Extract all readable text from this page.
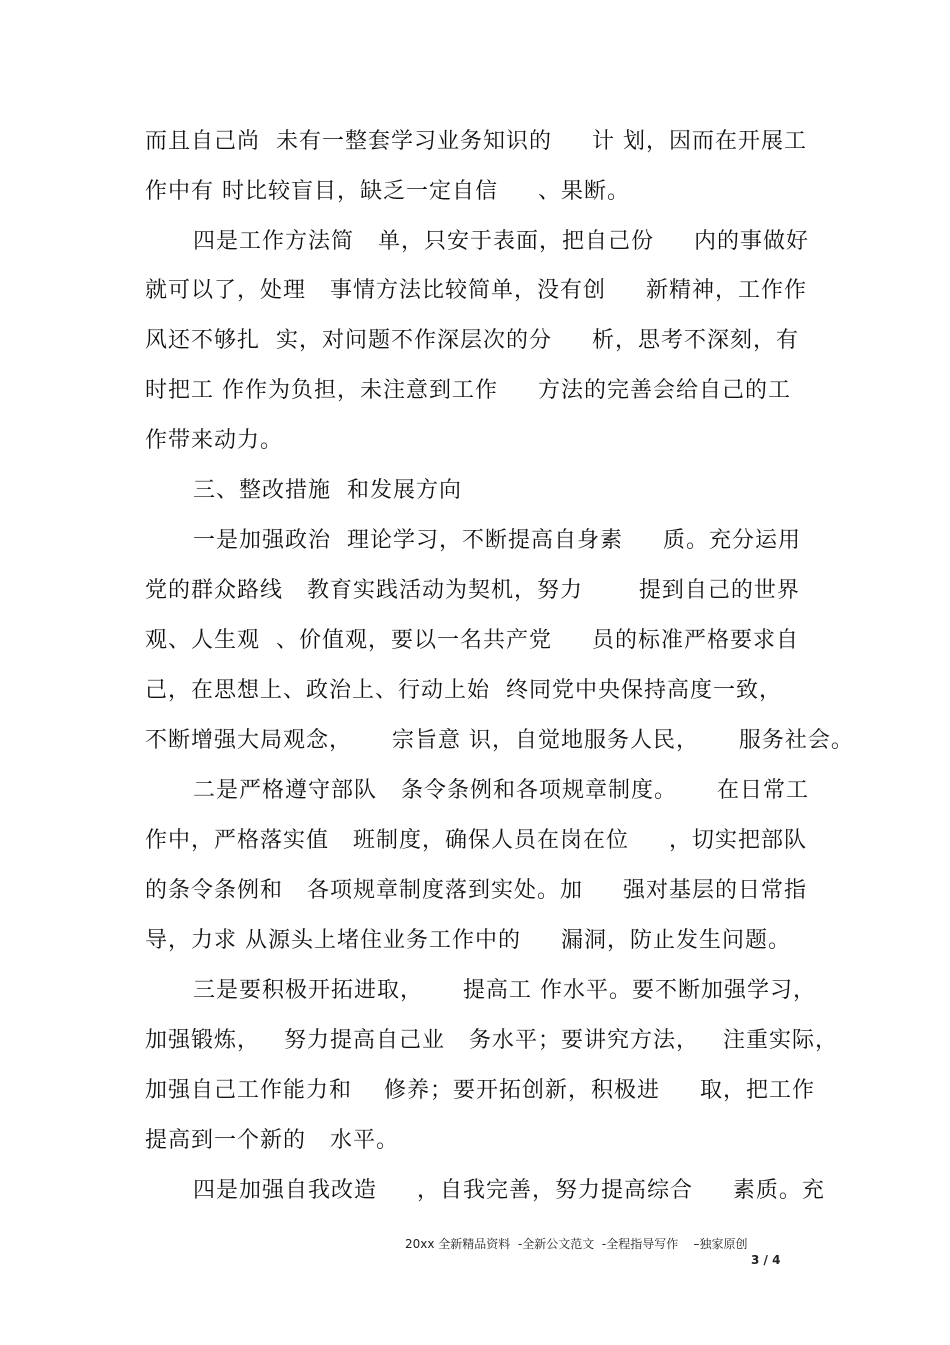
而且自己尚  未有一整套学习业务知识的     计 划，因而在开展工
作中有 时比较盲目，缺乏一定自信     、果断。
四是工作方法简   单，只安于表面，把自己份     内的事做好
就可以了，处理   事情方法比较简单，没有创     新精神，工作作
风还不够扎  实，对问题不作深层次的分     析，思考不深刻，有
时把工 作作为负担，未注意到工作     方法的完善会给自己的工
作带来动力。
三、整改措施  和发展方向
一是加强政治  理论学习，不断提高自身素     质。充分运用
党的群众路线   教育实践活动为契机，努力       提到自己的世界
观、人生观  、价值观，要以一名共产党     员的标准严格要求自
己，在思想上、政治上、行动上始  终同党中央保持高度一致，
不断增强大局观念，     宗旨意 识，自觉地服务人民，     服务社会。
二是严格遵守部队   条令条例和各项规章制度。     在日常工
作中，严格落实值   班制度，确保人员在岗在位     ，切实把部队
的条令条例和   各项规章制度落到实处。加     强对基层的日常指
导，力求 从源头上堵住业务工作中的     漏洞，防止发生问题。
三是要积极开拓进取，     提高工 作水平。要不断加强学习，
加强锻炼，   努力提高自己业   务水平；要讲究方法，   注重实际，
加强自己工作能力和    修养；要开拓创新，积极进     取，把工作
提高到一个新的   水平。
四是加强自我改造     ，自我完善，努力提高综合     素质。充
20xx 全新精品资料  -全新公文范文  -全程指导写作    –独家原创
3 / 4
